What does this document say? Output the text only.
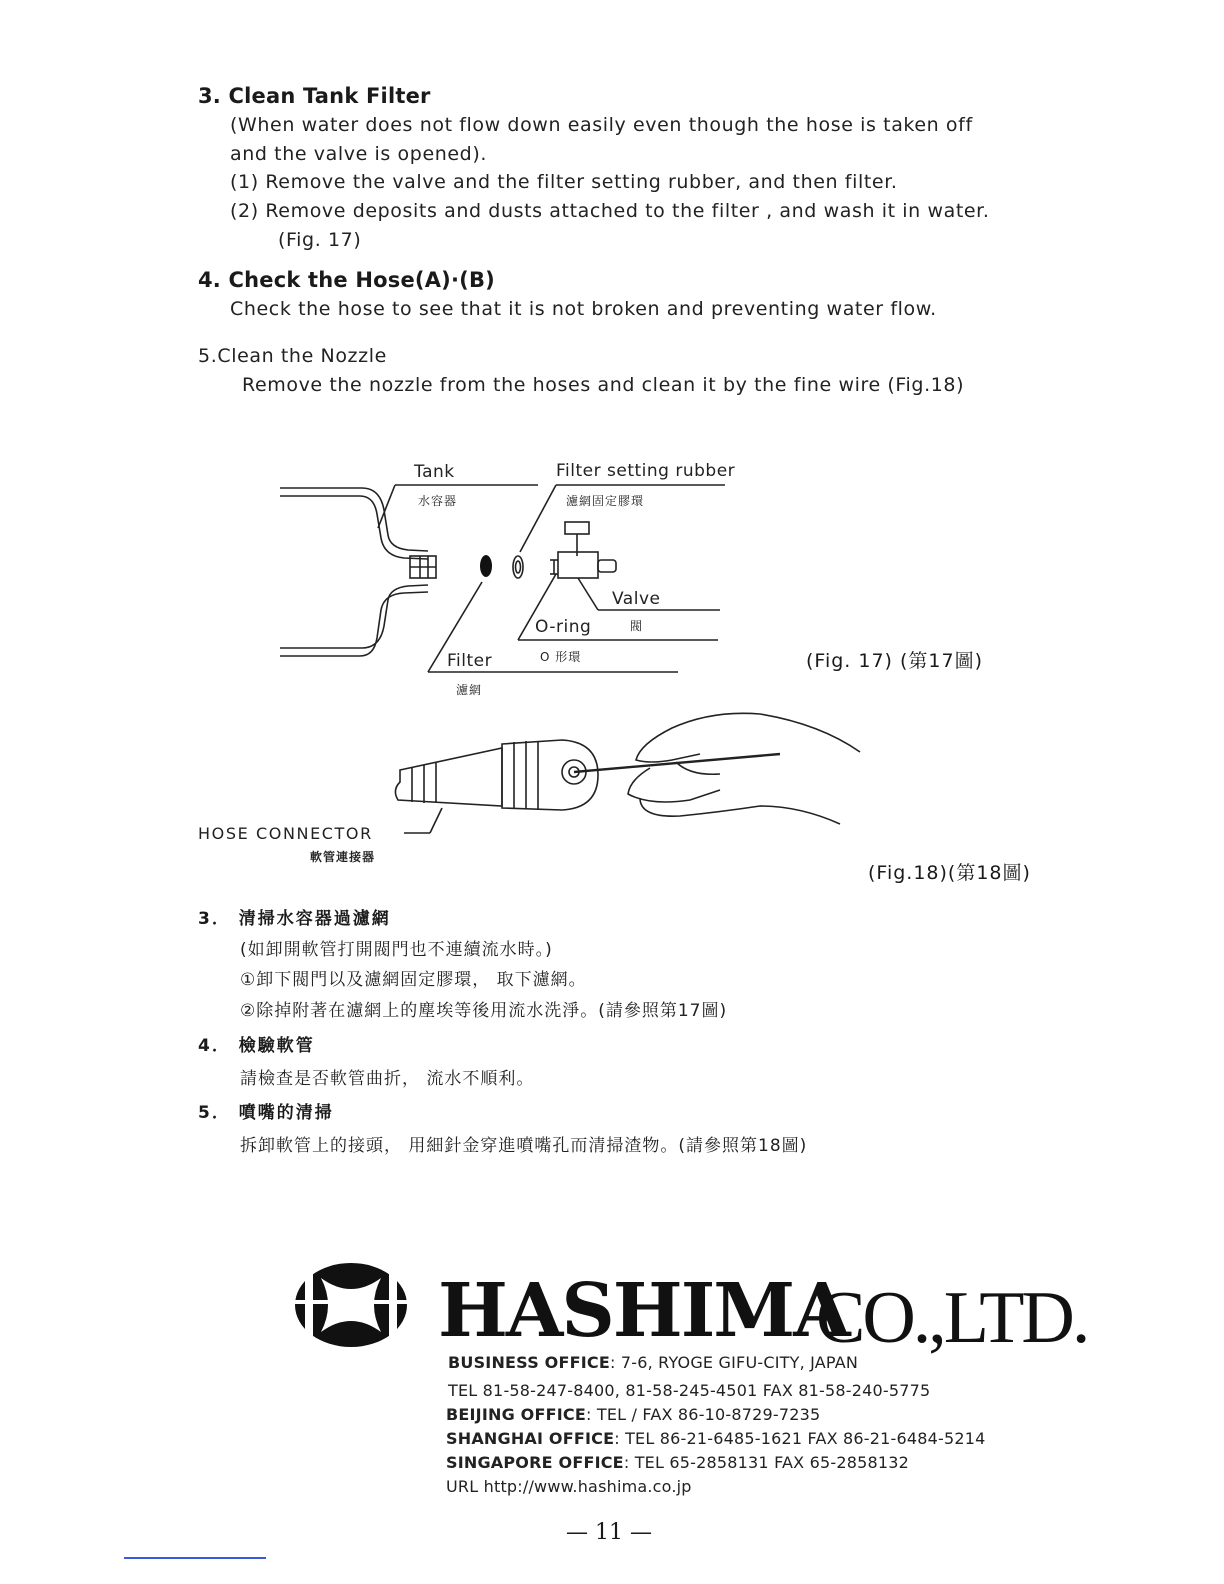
3. Clean Tank Filter
(When water does not flow down easily even though the hose is taken off
and the valve is opened).
(1) Remove the valve and the filter setting rubber, and then filter.
(2) Remove deposits and dusts attached to the filter , and wash it in water.
(Fig. 17)
4. Check the Hose(A)·(B)
Check the hose to see that it is not broken and preventing water flow.
5.Clean the Nozzle
Remove the nozzle from the hoses and clean it by the fine wire (Fig.18)
Tank
水容器
Filter setting rubber
濾網固定膠環
Valve
閥
O-ring
O 形環
Filter
濾網
(Fig. 17) (第17圖)
HOSE CONNECTOR
軟管連接器
(Fig.18)(第18圖)
3． 清掃水容器過濾網
(如卸開軟管打開閥門也不連續流水時。)
①卸下閥門以及濾網固定膠環， 取下濾網。
②除掉附著在濾網上的塵埃等後用流水洗淨。(請參照第17圖)
4． 檢驗軟管
請檢查是否軟管曲折， 流水不順利。
5． 噴嘴的清掃
拆卸軟管上的接頭， 用細針金穿進噴嘴孔而清掃渣物。(請參照第18圖)
HASHIMA
CO.,LTD.
BUSINESS OFFICE: 7-6, RYOGE GIFU-CITY, JAPAN
TEL 81-58-247-8400, 81-58-245-4501 FAX 81-58-240-5775
BEIJING OFFICE: TEL / FAX 86-10-8729-7235
SHANGHAI OFFICE: TEL 86-21-6485-1621 FAX 86-21-6484-5214
SINGAPORE OFFICE: TEL 65-2858131 FAX 65-2858132
URL http://www.hashima.co.jp
— 11 —
